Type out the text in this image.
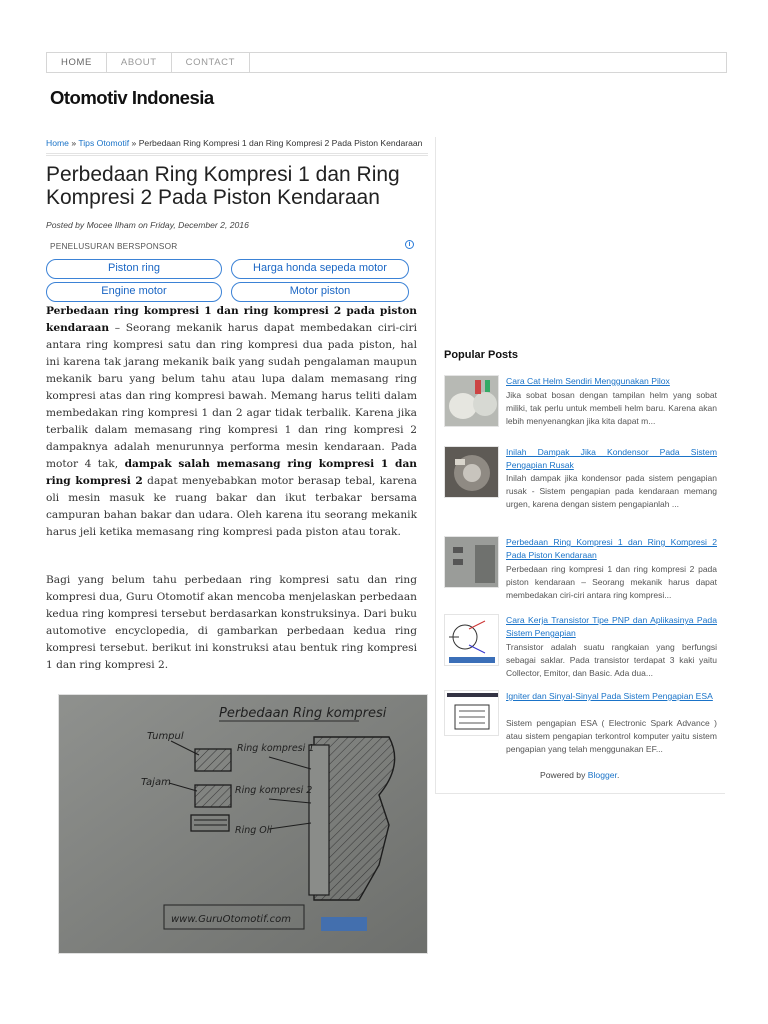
HOME	ABOUT	CONTACT
Otomotiv Indonesia
Home » Tips Otomotif » Perbedaan Ring Kompresi 1 dan Ring Kompresi 2 Pada Piston Kendaraan
Perbedaan Ring Kompresi 1 dan Ring Kompresi 2 Pada Piston Kendaraan
Posted by Mocee Ilham on Friday, December 2, 2016
PENELUSURAN BERSPONSOR	i
Piston ring	Harga honda sepeda motor
Engine motor	Motor piston

Perbedaan ring kompresi 1 dan ring kompresi 2 pada piston kendaraan – Seorang mekanik harus dapat membedakan ciri-ciri antara ring kompresi satu dan ring kompresi dua pada piston, hal ini karena tak jarang mekanik baik yang sudah pengalaman maupun mekanik baru yang belum tahu atau lupa dalam memasang ring kompresi atas dan ring kompresi bawah. Memang harus teliti dalam membedakan ring kompresi 1 dan 2 agar tidak terbalik. Karena jika terbalik dalam memasang ring kompresi 1 dan ring kompresi 2 dampaknya adalah menurunnya performa mesin kendaraan. Pada motor 4 tak, dampak salah memasang ring kompresi 1 dan ring kompresi 2 dapat menyebabkan motor berasap tebal, karena oli mesin masuk ke ruang bakar dan ikut terbakar bersama campuran bahan bakar dan udara. Oleh karena itu seorang mekanik harus jeli ketika memasang ring kompresi pada piston atau torak.

Bagi yang belum tahu perbedaan ring kompresi satu dan ring kompresi dua, Guru Otomotif akan mencoba menjelaskan perbedaan kedua ring kompresi tersebut berdasarkan konstruksinya. Dari buku automotive encyclopedia, di gambarkan perbedaan kedua ring kompresi tersebut. berikut ini konstruksi atau bentuk ring kompresi 1 dan ring kompresi 2.

Perbedaan Ring kompresi
Tumpul
Tajam
Ring kompresi 1
Ring kompresi 2
Ring Oli
www.GuruOtomotif.com
Popular Posts
Cara Cat Helm Sendiri Menggunakan Pilox
Jika sobat bosan dengan tampilan helm yang sobat miliki, tak perlu untuk membeli helm baru. Karena akan lebih menyenangkan jika kita dapat m...
Inilah Dampak Jika Kondensor Pada Sistem Pengapian Rusak
Inilah dampak jika kondensor pada sistem pengapian rusak - Sistem pengapian pada kendaraan memang urgen, karena dengan sistem pengapianlah ...
Perbedaan Ring Kompresi 1 dan Ring Kompresi 2 Pada Piston Kendaraan
Perbedaan ring kompresi 1 dan ring kompresi 2 pada piston kendaraan – Seorang mekanik harus dapat membedakan ciri-ciri antara ring kompresi...
Cara Kerja Transistor Tipe PNP dan Aplikasinya Pada Sistem Pengapian
Transistor adalah suatu rangkaian yang berfungsi sebagai saklar. Pada transistor terdapat 3 kaki yaitu Collector, Emitor, dan Basic. Ada dua...
Igniter dan Sinyal-Sinyal Pada Sistem Pengapian ESA
Sistem pengapian ESA ( Electronic Spark Advance ) atau sistem pengapian terkontrol komputer yaitu sistem pengapian yang telah menggunakan EF...
Powered by Blogger.
